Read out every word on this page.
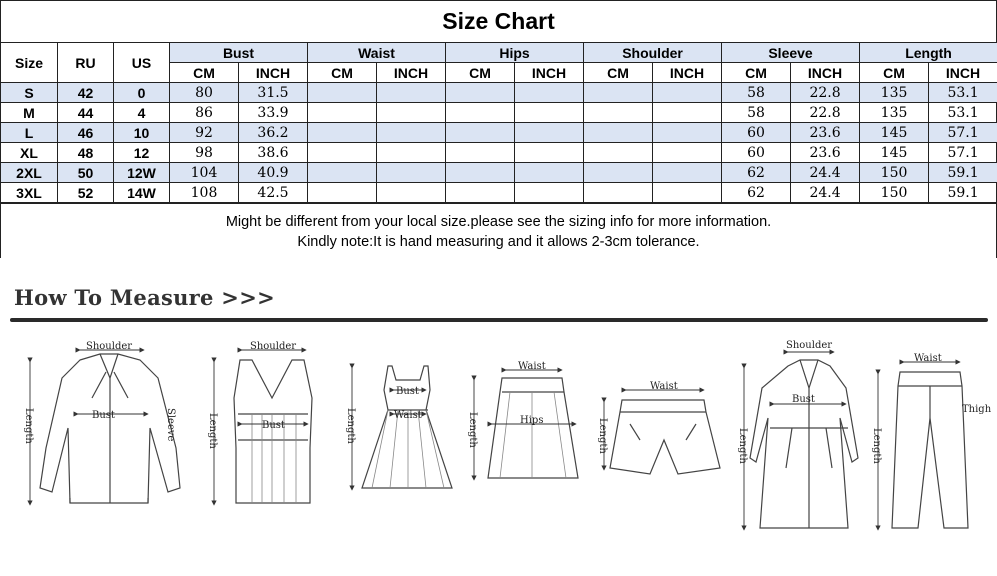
Size Chart
Size	RU	US	Bust		Waist		Hips		Shoulder		Sleeve		Length	
			CM	INCH	CM	INCH	CM	INCH	CM	INCH	CM	INCH	CM	INCH
S	42	0	80	31.5							58	22.8	135	53.1
M	44	4	86	33.9							58	22.8	135	53.1
L	46	10	92	36.2							60	23.6	145	57.1
XL	48	12	98	38.6							60	23.6	145	57.1
2XL	50	12W	104	40.9							62	24.4	150	59.1
3XL	52	14W	108	42.5							62	24.4	150	59.1
Might be different from your local size.please see the sizing info for more information.
Kindly note:It is hand measuring and it allows 2-3cm tolerance.
How To Measure >>>
Shoulder
Bust
Length	Sleeve
Shoulder
Bust
Length
Bust
Waist
Length
Waist
Hips
Length
Waist
Length
Shoulder
Bust
Length
Waist
Thigh
Length
